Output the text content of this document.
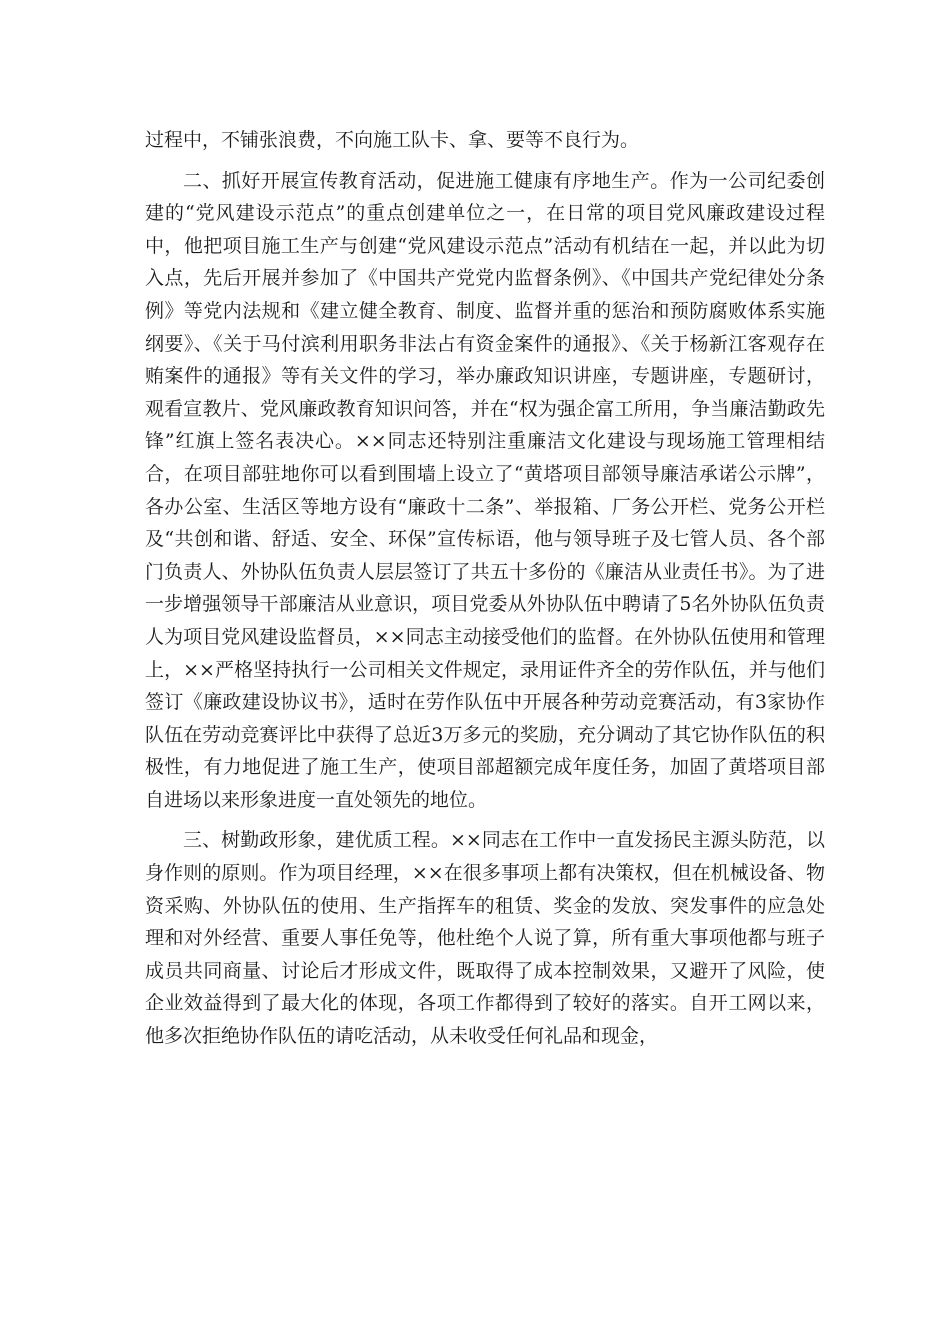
过程中，不铺张浪费，不向施工队卡、拿、要等不良行为。

二、抓好开展宣传教育活动，促进施工健康有序地生产。作为一公司纪委创建的“党风建设示范点”的重点创建单位之一，在日常的项目党风廉政建设过程中，他把项目施工生产与创建“党风建设示范点”活动有机结在一起，并以此为切入点，先后开展并参加了《中国共产党党内监督条例》、《中国共产党纪律处分条例》等党内法规和《建立健全教育、制度、监督并重的惩治和预防腐败体系实施纲要》、《关于马付滨利用职务非法占有资金案件的通报》、《关于杨新江客观存在贿案件的通报》等有关文件的学习，举办廉政知识讲座，专题讲座，专题研讨，观看宣教片、党风廉政教育知识问答，并在“权为强企富工所用，争当廉洁勤政先锋”红旗上签名表决心。××同志还特别注重廉洁文化建设与现场施工管理相结合，在项目部驻地你可以看到围墙上设立了“黄塔项目部领导廉洁承诺公示牌”，各办公室、生活区等地方设有“廉政十二条”、举报箱、厂务公开栏、党务公开栏及“共创和谐、舒适、安全、环保”宣传标语，他与领导班子及七管人员、各个部门负责人、外协队伍负责人层层签订了共五十多份的《廉洁从业责任书》。为了进一步增强领导干部廉洁从业意识，项目党委从外协队伍中聘请了5名外协队伍负责人为项目党风建设监督员，××同志主动接受他们的监督。在外协队伍使用和管理上，××严格坚持执行一公司相关文件规定，录用证件齐全的劳作队伍，并与他们签订《廉政建设协议书》，适时在劳作队伍中开展各种劳动竞赛活动，有3家协作队伍在劳动竞赛评比中获得了总近3万多元的奖励，充分调动了其它协作队伍的积极性，有力地促进了施工生产，使项目部超额完成年度任务，加固了黄塔项目部自进场以来形象进度一直处领先的地位。

三、树勤政形象，建优质工程。××同志在工作中一直发扬民主源头防范，以身作则的原则。作为项目经理，××在很多事项上都有决策权，但在机械设备、物资采购、外协队伍的使用、生产指挥车的租赁、奖金的发放、突发事件的应急处理和对外经营、重要人事任免等，他杜绝个人说了算，所有重大事项他都与班子成员共同商量、讨论后才形成文件，既取得了成本控制效果，又避开了风险，使企业效益得到了最大化的体现，各项工作都得到了较好的落实。自开工网以来，他多次拒绝协作队伍的请吃活动，从未收受任何礼品和现金，
